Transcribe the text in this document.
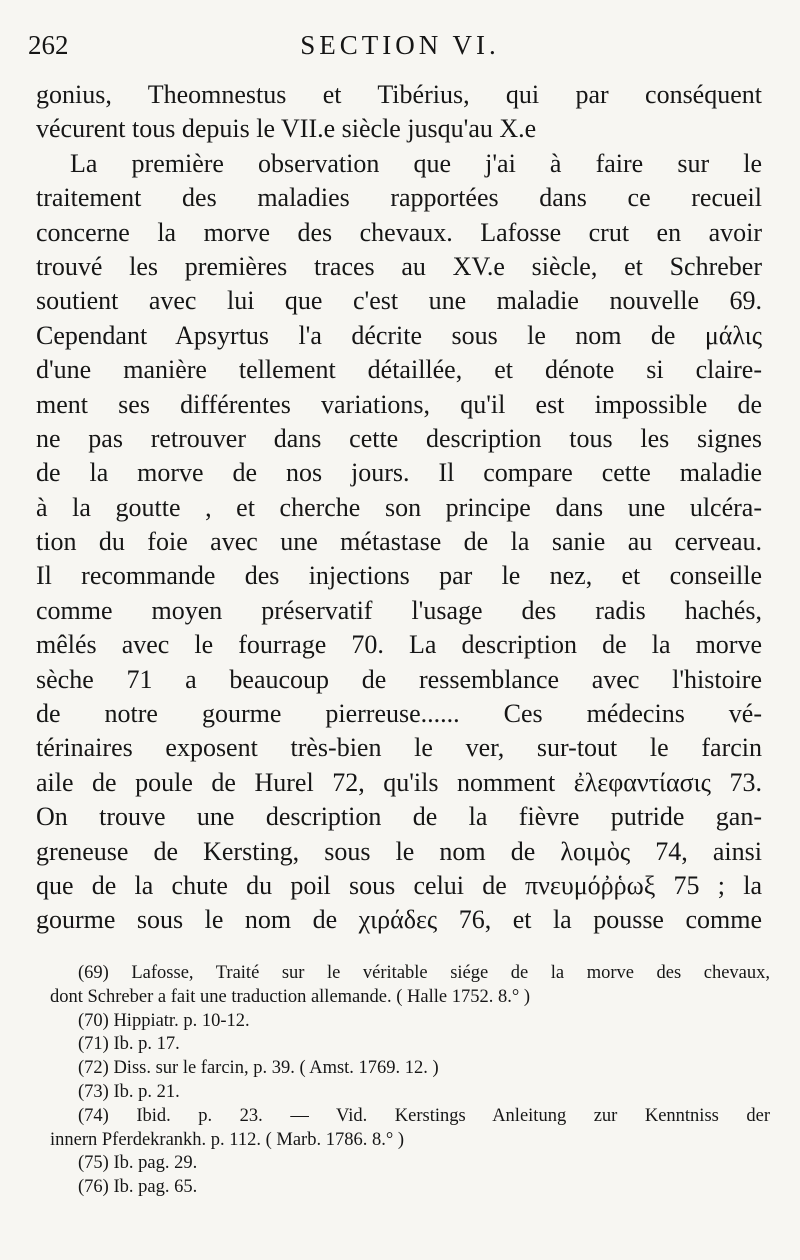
262	SECTION VI.
gonius, Theomnestus et Tibérius, qui par conséquent
vécurent tous depuis le VII.e siècle jusqu'au X.e
La première observation que j'ai à faire sur le
traitement des maladies rapportées dans ce recueil
concerne la morve des chevaux. Lafosse crut en avoir
trouvé les premières traces au XV.e siècle, et Schreber
soutient avec lui que c'est une maladie nouvelle 69.
Cependant Apsyrtus l'a décrite sous le nom de μάλις
d'une manière tellement détaillée, et dénote si claire-
ment ses différentes variations, qu'il est impossible de
ne pas retrouver dans cette description tous les signes
de la morve de nos jours. Il compare cette maladie
à la goutte , et cherche son principe dans une ulcéra-
tion du foie avec une métastase de la sanie au cerveau.
Il recommande des injections par le nez, et conseille
comme moyen préservatif l'usage des radis hachés,
mêlés avec le fourrage 70. La description de la morve
sèche 71 a beaucoup de ressemblance avec l'histoire
de notre gourme pierreuse...... Ces médecins vé-
térinaires exposent très-bien le ver, sur-tout le farcin
aile de poule de Hurel 72, qu'ils nomment ἐλεφαντίασις 73.
On trouve une description de la fièvre putride gan-
greneuse de Kersting, sous le nom de λοιμὸς 74, ainsi
que de la chute du poil sous celui de πνευμόῤῥωξ 75 ; la
gourme sous le nom de χιράδες 76, et la pousse comme
(69) Lafosse, Traité sur le véritable siége de la morve des chevaux,
dont Schreber a fait une traduction allemande. ( Halle 1752. 8.° )
(70) Hippiatr. p. 10-12.
(71) Ib. p. 17.
(72) Diss. sur le farcin, p. 39. ( Amst. 1769. 12. )
(73) Ib. p. 21.
(74) Ibid. p. 23. — Vid. Kerstings Anleitung zur Kenntniss der
innern Pferdekrankh. p. 112. ( Marb. 1786. 8.° )
(75) Ib. pag. 29.
(76) Ib. pag. 65.
